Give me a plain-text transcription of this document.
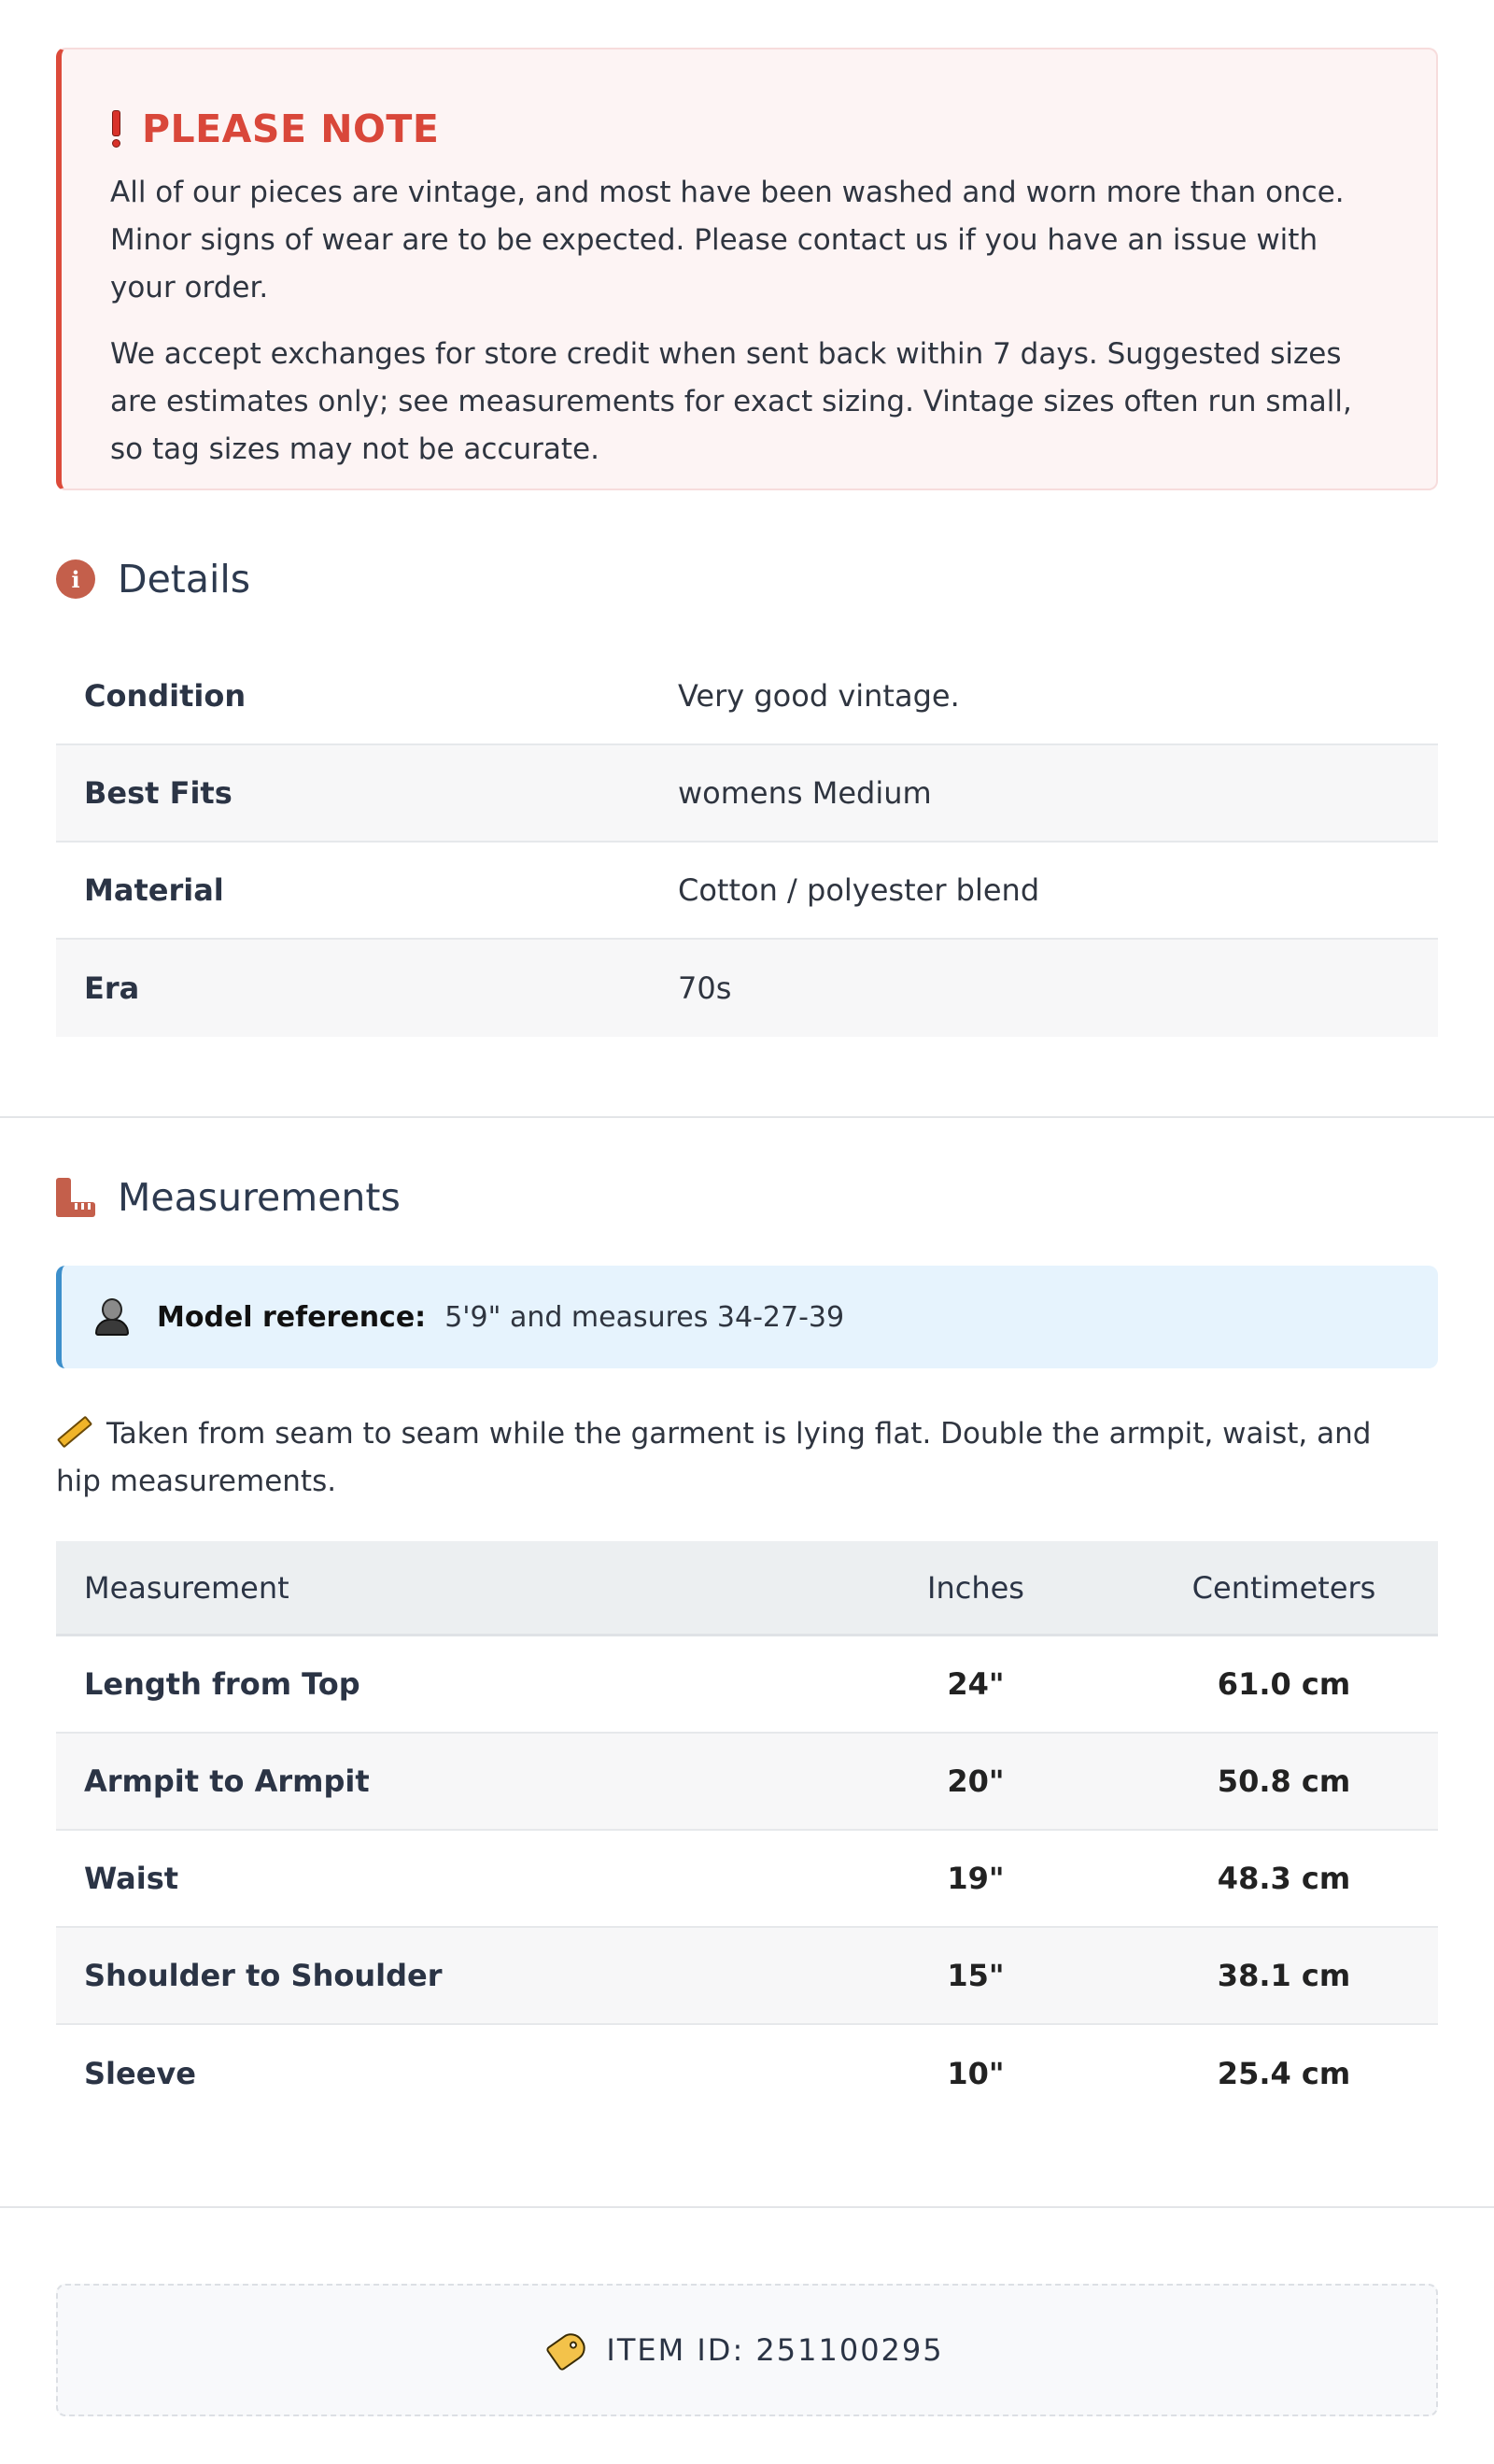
PLEASE NOTE

All of our pieces are vintage, and most have been washed and worn more than once. Minor signs of wear are to be expected. Please contact us if you have an issue with your order.

We accept exchanges for store credit when sent back within 7 days. Suggested sizes are estimates only; see measurements for exact sizing. Vintage sizes often run small, so tag sizes may not be accurate.

i Details
Condition	Very good vintage.
Best Fits	womens Medium
Material	Cotton / polyester blend
Era	70s
Measurements
Model reference: 5'9" and measures 34-27-39
Taken from seam to seam while the garment is lying flat. Double the armpit, waist, and hip measurements.
Measurement	Inches	Centimeters
Length from Top	24"	61.0 cm
Armpit to Armpit	20"	50.8 cm
Waist	19"	48.3 cm
Shoulder to Shoulder	15"	38.1 cm
Sleeve	10"	25.4 cm
ITEM ID: 251100295
